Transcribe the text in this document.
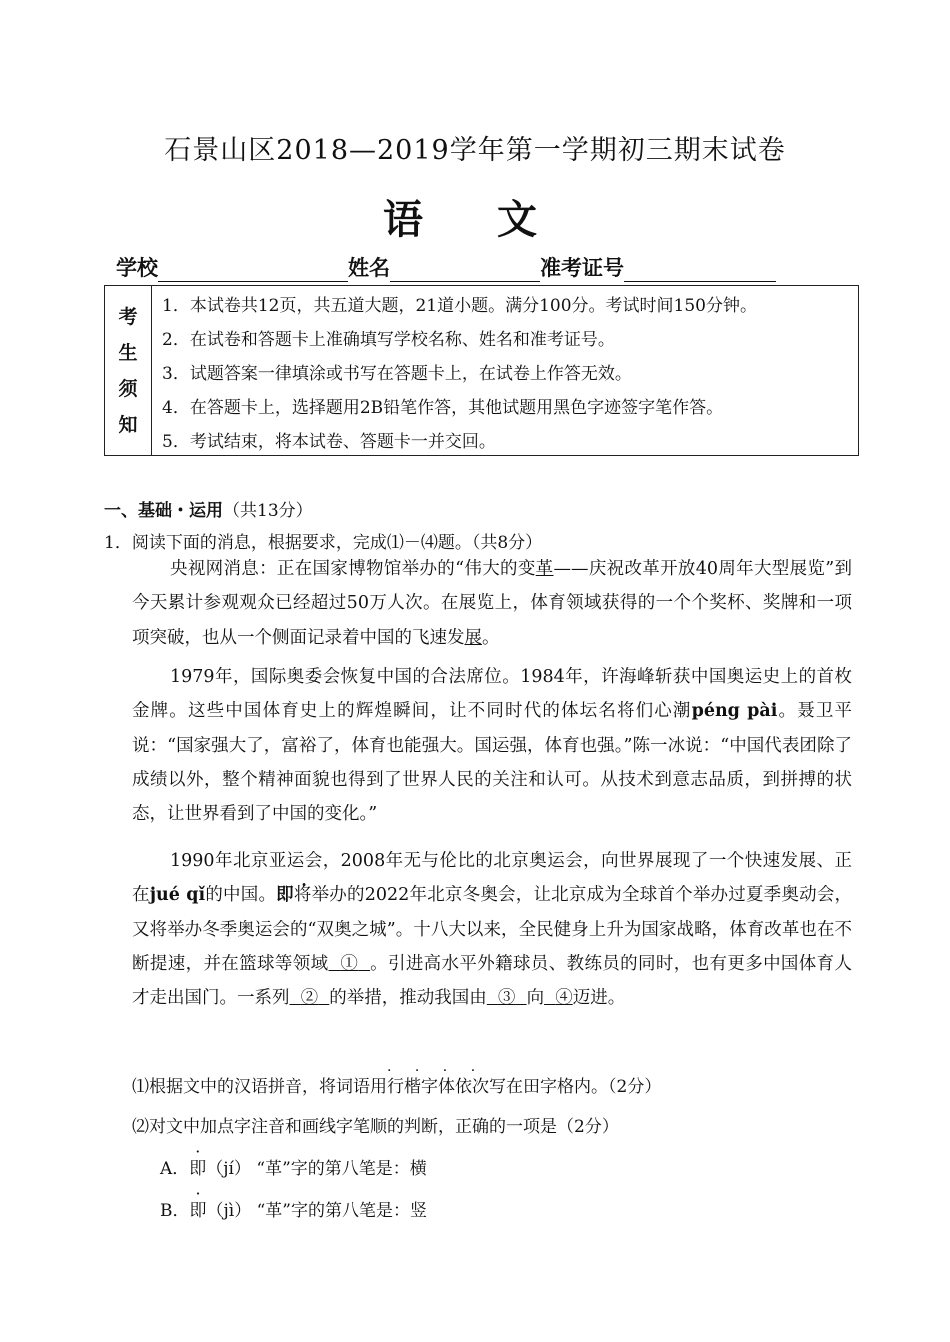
石景山区2018—2019学年第一学期初三期末试卷
语 文
学校	姓名	准考证号
考
生
须
知
1．本试卷共12页，共五道大题，21道小题。满分100分。考试时间150分钟。
2．在试卷和答题卡上准确填写学校名称、姓名和准考证号。
3．试题答案一律填涂或书写在答题卡上，在试卷上作答无效。
4．在答题卡上，选择题用2B铅笔作答，其他试题用黑色字迹签字笔作答。
5．考试结束，将本试卷、答题卡一并交回。
一、基础・运用（共13分）
1．阅读下面的消息，根据要求，完成⑴－⑷题。（共8分）
央视网消息：正在国家博物馆举办的“伟大的变革——庆祝改革开放40周年大型展览”到今天累计参观观众已经超过50万人次。在展览上，体育领域获得的一个个奖杯、奖牌和一项项突破，也从一个侧面记录着中国的飞速发展。
1979年，国际奥委会恢复中国的合法席位。1984年，许海峰斩获中国奥运史上的首枚金牌。这些中国体育史上的辉煌瞬间，让不同时代的体坛名将们心潮péng pài。聂卫平说：“国家强大了，富裕了，体育也能强大。国运强，体育也强。”陈一冰说：“中国代表团除了成绩以外，整个精神面貌也得到了世界人民的关注和认可。从技术到意志品质，到拼搏的状态，让世界看到了中国的变化。”
1990年北京亚运会，2008年无与伦比的北京奥运会，向世界展现了一个快速发展、正在jué qǐ的中国。即将举办的2022年北京冬奥会，让北京成为全球首个举办过夏季奥动会，又将举办冬季奥运会的“双奥之城”。十八大以来，全民健身上升为国家战略，体育改革也在不断提速，并在篮球等领域 ① 。引进高水平外籍球员、教练员的同时，也有更多中国体育人才走出国门。一系列 ② 的举措，推动我国由 ③ 向 ④迈进。
⑴根据文中的汉语拼音，将词语用行楷字体
· · · ·
依次写在田字格内。（2分）
⑵对文中加点字注音和画线字笔顺的判断，正确的一项是（2分）
A．即（jí） “革”字的第八笔是：横
B．即（jì） “革”字的第八笔是：竖
